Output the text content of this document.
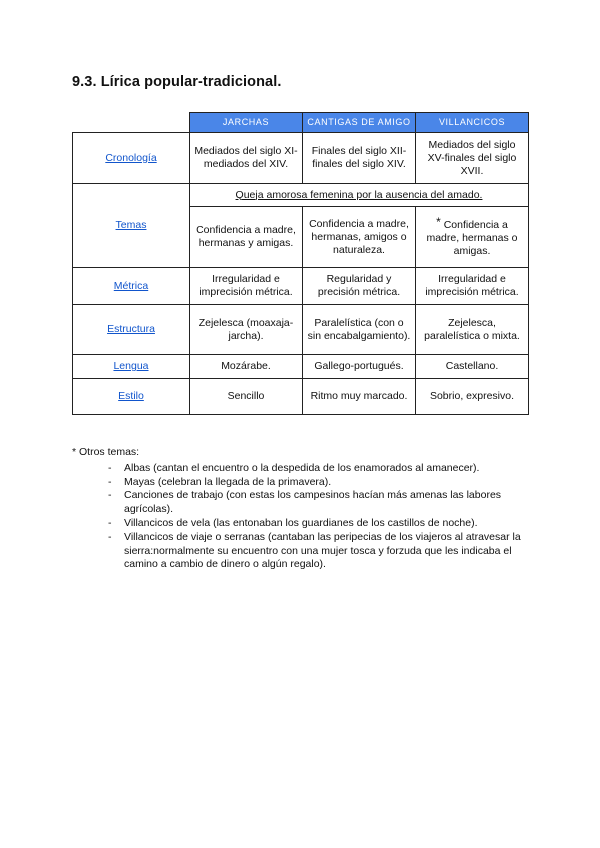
9.3. Lírica popular-tradicional.
	JARCHAS	CANTIGAS DE AMIGO	VILLANCICOS
Cronología	Mediados del siglo XI-mediados del XIV.	Finales del siglo XII-finales del siglo XIV.	Mediados del siglo XV-finales del siglo XVII.
Temas	Queja amorosa femenina por la ausencia del amado.		
	Confidencia a madre, hermanas y amigas.	Confidencia a madre, hermanas, amigos o naturaleza.	* Confidencia a madre, hermanas o amigas.
Métrica	Irregularidad e imprecisión métrica.	Regularidad y precisión métrica.	Irregularidad e imprecisión métrica.
Estructura	Zejelesca (moaxaja-jarcha).	Paralelística (con o sin encabalgamiento).	Zejelesca, paralelística o mixta.
Lengua	Mozárabe.	Gallego-portugués.	Castellano.
Estilo	Sencillo	Ritmo muy marcado.	Sobrio, expresivo.
* Otros temas:
- Albas (cantan el encuentro o la despedida de los enamorados al amanecer).
- Mayas (celebran la llegada de la primavera).
- Canciones de trabajo (con estas los campesinos hacían más amenas las labores agrícolas).
- Villancicos de vela (las entonaban los guardianes de los castillos de noche).
- Villancicos de viaje o serranas (cantaban las peripecias de los viajeros al atravesar la sierra:normalmente su encuentro con una mujer tosca y forzuda que les indicaba el camino a cambio de dinero o algún regalo).
